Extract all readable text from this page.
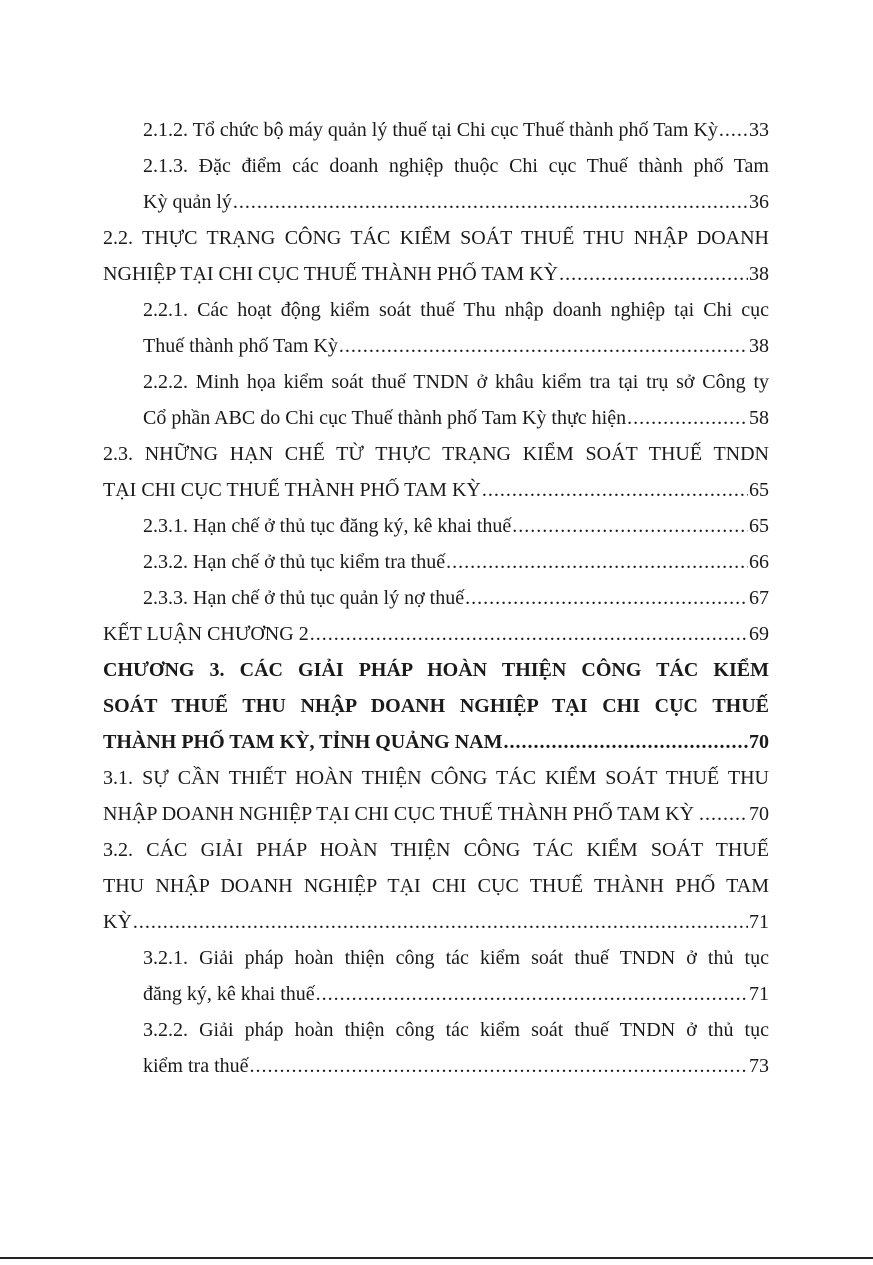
2.1.2. Tổ chức bộ máy quản lý thuế tại Chi cục Thuế thành phố Tam Kỳ ..... 33
2.1.3. Đặc điểm các doanh nghiệp thuộc Chi cục Thuế thành phố Tam
Kỳ quản lý .....	36
2.2. THỰC TRẠNG CÔNG TÁC KIỂM SOÁT THUẾ THU NHẬP DOANH
NGHIỆP TẠI CHI CỤC THUẾ THÀNH PHỐ TAM KỲ .....	38
2.2.1. Các hoạt động kiểm soát thuế Thu nhập doanh nghiệp tại Chi cục
Thuế thành phố Tam Kỳ .....	38
2.2.2. Minh họa kiểm soát thuế TNDN ở khâu kiểm tra tại trụ sở Công ty
Cổ phần ABC do Chi cục Thuế thành phố Tam Kỳ thực hiện .....	58
2.3. NHỮNG HẠN CHẾ TỪ THỰC TRẠNG KIỂM SOÁT THUẾ TNDN
TẠI CHI CỤC THUẾ THÀNH PHỐ TAM KỲ .....	65
2.3.1. Hạn chế ở thủ tục đăng ký, kê khai thuế .....	65
2.3.2. Hạn chế ở thủ tục kiểm tra thuế .....	66
2.3.3. Hạn chế ở thủ tục quản lý nợ thuế .....	67
KẾT LUẬN CHƯƠNG 2 .....	69
CHƯƠNG 3. CÁC GIẢI PHÁP HOÀN THIỆN CÔNG TÁC KIỂM
SOÁT THUẾ THU NHẬP DOANH NGHIỆP TẠI CHI CỤC THUẾ
THÀNH PHỐ TAM KỲ, TỈNH QUẢNG NAM .....	70
3.1. SỰ CẦN THIẾT HOÀN THIỆN CÔNG TÁC KIỂM SOÁT THUẾ THU
NHẬP DOANH NGHIỆP TẠI CHI CỤC THUẾ THÀNH PHỐ TAM KỲ . ..... 70
3.2. CÁC GIẢI PHÁP HOÀN THIỆN CÔNG TÁC KIỂM SOÁT THUẾ
THU NHẬP DOANH NGHIỆP TẠI CHI CỤC THUẾ THÀNH PHỐ TAM
KỲ .....	71
3.2.1. Giải pháp hoàn thiện công tác kiểm soát thuế TNDN ở thủ tục
đăng ký, kê khai thuế .....	71
3.2.2. Giải pháp hoàn thiện công tác kiểm soát thuế TNDN ở thủ tục
kiểm tra thuế .....	73
